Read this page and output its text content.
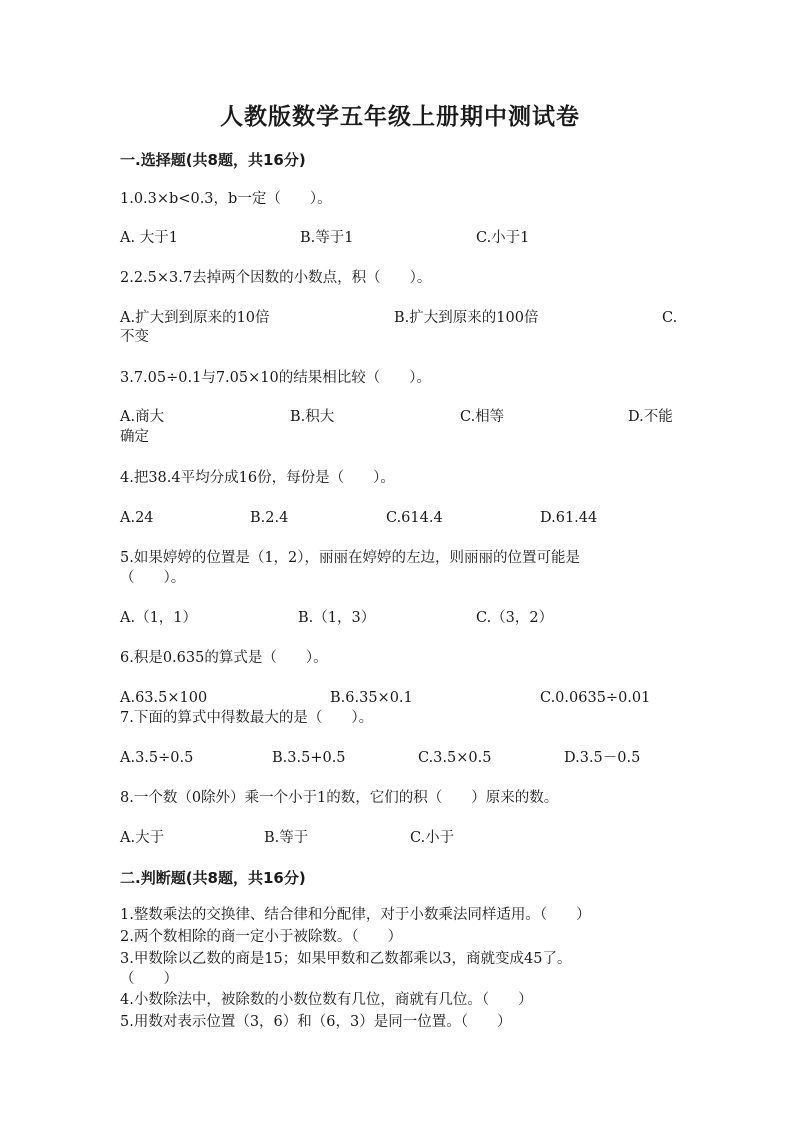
人教版数学五年级上册期中测试卷
一.选择题(共8题，共16分)
1.0.3×b<0.3，b一定（　　）。
A. 大于1	B.等于1	C.小于1
2.2.5×3.7去掉两个因数的小数点，积（　　）。
A.扩大到到原来的10倍	B.扩大到原来的100倍	C.
不变
3.7.05÷0.1与7.05×10的结果相比较（　　）。
A.商大	B.积大	C.相等	D.不能
确定
4.把38.4平均分成16份，每份是（　　）。
A.24	B.2.4	C.614.4	D.61.44
5.如果婷婷的位置是（1，2），丽丽在婷婷的左边，则丽丽的位置可能是
（　　）。
A.（1，1）	B.（1，3）	C.（3，2）
6.积是0.635的算式是（　　）。
A.63.5×100	B.6.35×0.1	C.0.0635÷0.01
7.下面的算式中得数最大的是（　　）。
A.3.5÷0.5	B.3.5+0.5	C.3.5×0.5	D.3.5－0.5
8.一个数（0除外）乘一个小于1的数，它们的积（　　）原来的数。
A.大于	B.等于	C.小于
二.判断题(共8题，共16分)
1.整数乘法的交换律、结合律和分配律，对于小数乘法同样适用。（　　）
2.两个数相除的商一定小于被除数。（　　）
3.甲数除以乙数的商是15；如果甲数和乙数都乘以3，商就变成45了。
（　　）
4.小数除法中，被除数的小数位数有几位，商就有几位。（　　）
5.用数对表示位置（3，6）和（6，3）是同一位置。（　　）
